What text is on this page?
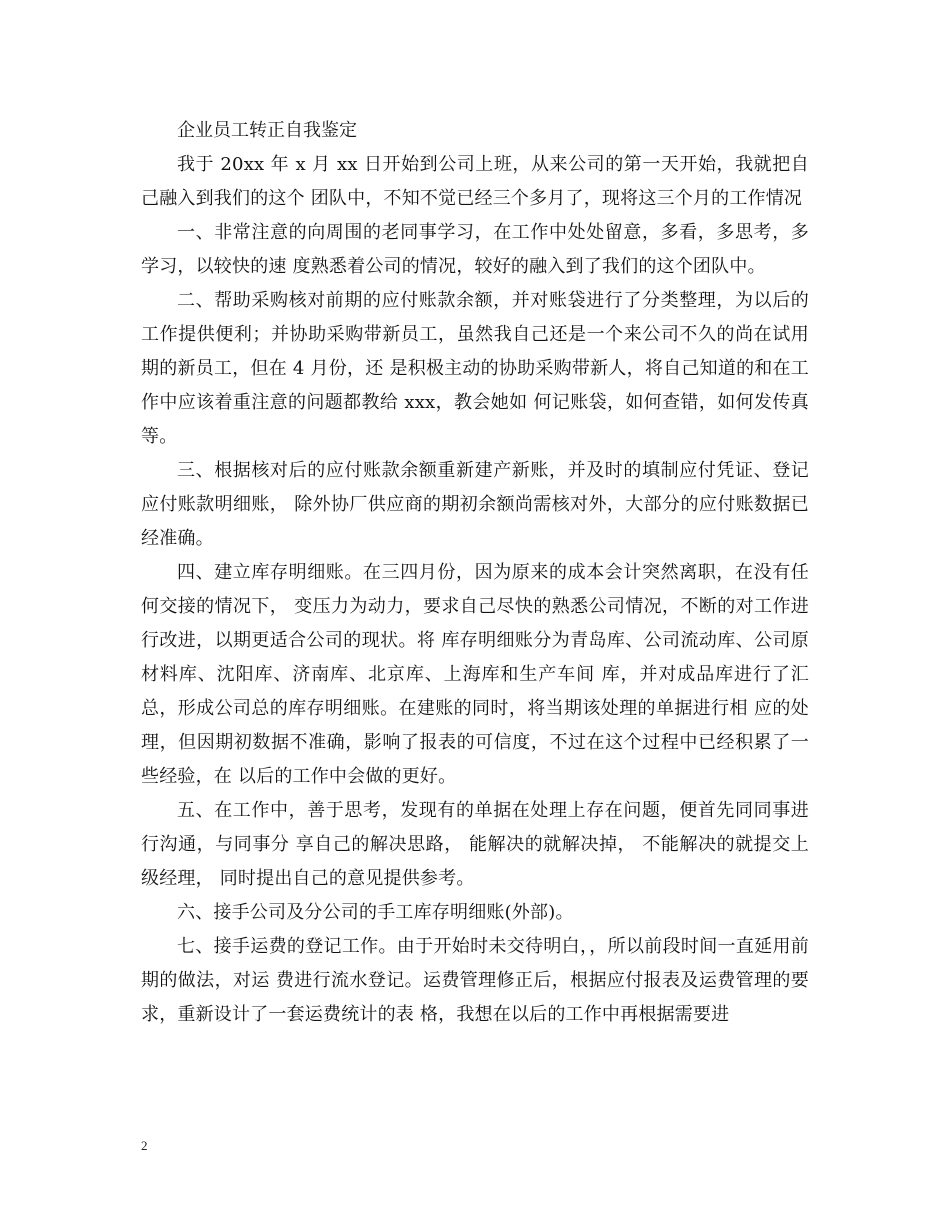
企业员工转正自我鉴定

我于 20xx 年 x 月 xx 日开始到公司上班，从来公司的第一天开始，我就把自己融入到我们的这个 团队中，不知不觉已经三个多月了，现将这三个月的工作情况

一、非常注意的向周围的老同事学习，在工作中处处留意，多看，多思考，多学习，以较快的速 度熟悉着公司的情况，较好的融入到了我们的这个团队中。

二、帮助采购核对前期的应付账款余额，并对账袋进行了分类整理，为以后的工作提供便利；并协助采购带新员工，虽然我自己还是一个来公司不久的尚在试用期的新员工，但在 4 月份，还 是积极主动的协助采购带新人，将自己知道的和在工作中应该着重注意的问题都教给 xxx，教会她如 何记账袋，如何查错，如何发传真等。

三、根据核对后的应付账款余额重新建产新账，并及时的填制应付凭证、登记应付账款明细账， 除外协厂供应商的期初余额尚需核对外，大部分的应付账数据已经准确。

四、建立库存明细账。在三四月份，因为原来的成本会计突然离职，在没有任何交接的情况下， 变压力为动力，要求自己尽快的熟悉公司情况，不断的对工作进行改进，以期更适合公司的现状。将 库存明细账分为青岛库、公司流动库、公司原材料库、沈阳库、济南库、北京库、上海库和生产车间 库，并对成品库进行了汇总，形成公司总的库存明细账。在建账的同时，将当期该处理的单据进行相 应的处理，但因期初数据不准确，影响了报表的可信度，不过在这个过程中已经积累了一些经验，在 以后的工作中会做的更好。

五、在工作中，善于思考，发现有的单据在处理上存在问题，便首先同同事进行沟通，与同事分 享自己的解决思路， 能解决的就解决掉， 不能解决的就提交上级经理， 同时提出自己的意见提供参考。

六、接手公司及分公司的手工库存明细账(外部)。

七、接手运费的登记工作。由于开始时未交待明白，，所以前段时间一直延用前期的做法，对运 费进行流水登记。运费管理修正后，根据应付报表及运费管理的要求，重新设计了一套运费统计的表 格，我想在以后的工作中再根据需要进

2
